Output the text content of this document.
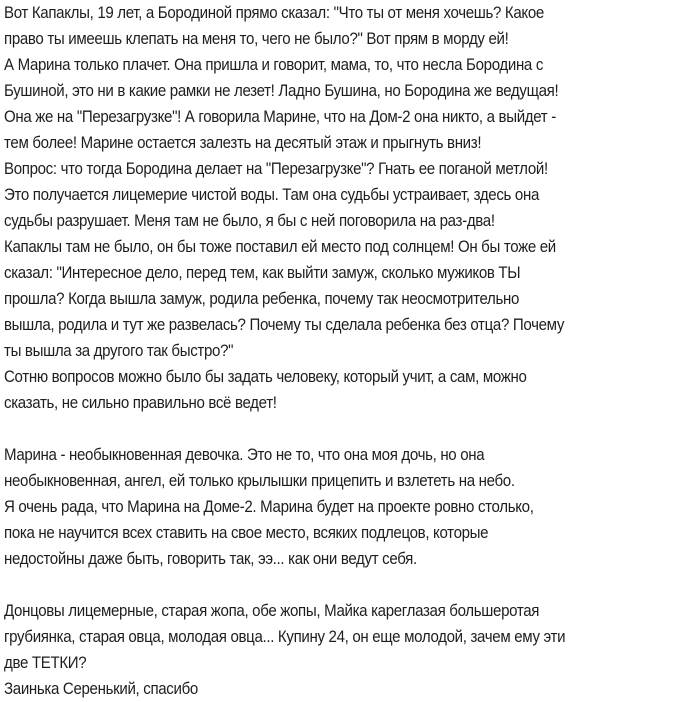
Вот Капаклы, 19 лет, а Бородиной прямо сказал: "Что ты от меня хочешь? Какое
право ты имеешь клепать на меня то, чего не было?" Вот прям в морду ей!
А Марина только плачет. Она пришла и говорит, мама, то, что несла Бородина с
Бушиной, это ни в какие рамки не лезет! Ладно Бушина, но Бородина же ведущая!
Она же на "Перезагрузке"! А говорила Марине, что на Дом-2 она никто, а выйдет -
тем более! Марине остается залезть на десятый этаж и прыгнуть вниз!
Вопрос: что тогда Бородина делает на "Перезагрузке"? Гнать ее поганой метлой!
Это получается лицемерие чистой воды. Там она судьбы устраивает, здесь она
судьбы разрушает. Меня там не было, я бы с ней поговорила на раз-два!
Капаклы там не было, он бы тоже поставил ей место под солнцем! Он бы тоже ей
сказал: "Интересное дело, перед тем, как выйти замуж, сколько мужиков ТЫ
прошла? Когда вышла замуж, родила ребенка, почему так неосмотрительно
вышла, родила и тут же развелась? Почему ты сделала ребенка без отца? Почему
ты вышла за другого так быстро?"
Сотню вопросов можно было бы задать человеку, который учит, а сам, можно
сказать, не сильно правильно всё ведет!
Марина - необыкновенная девочка. Это не то, что она моя дочь, но она
необыкновенная, ангел, ей только крылышки прицепить и взлететь на небо.
Я очень рада, что Марина на Доме-2. Марина будет на проекте ровно столько,
пока не научится всех ставить на свое место, всяких подлецов, которые
недостойны даже быть, говорить так, ээ... как они ведут себя.
Донцовы лицемерные, старая жопа, обе жопы, Майка кареглазая большеротая
грубиянка, старая овца, молодая овца... Купину 24, он еще молодой, зачем ему эти
две ТЕТКИ?
Заинька Серенький, спасибо
